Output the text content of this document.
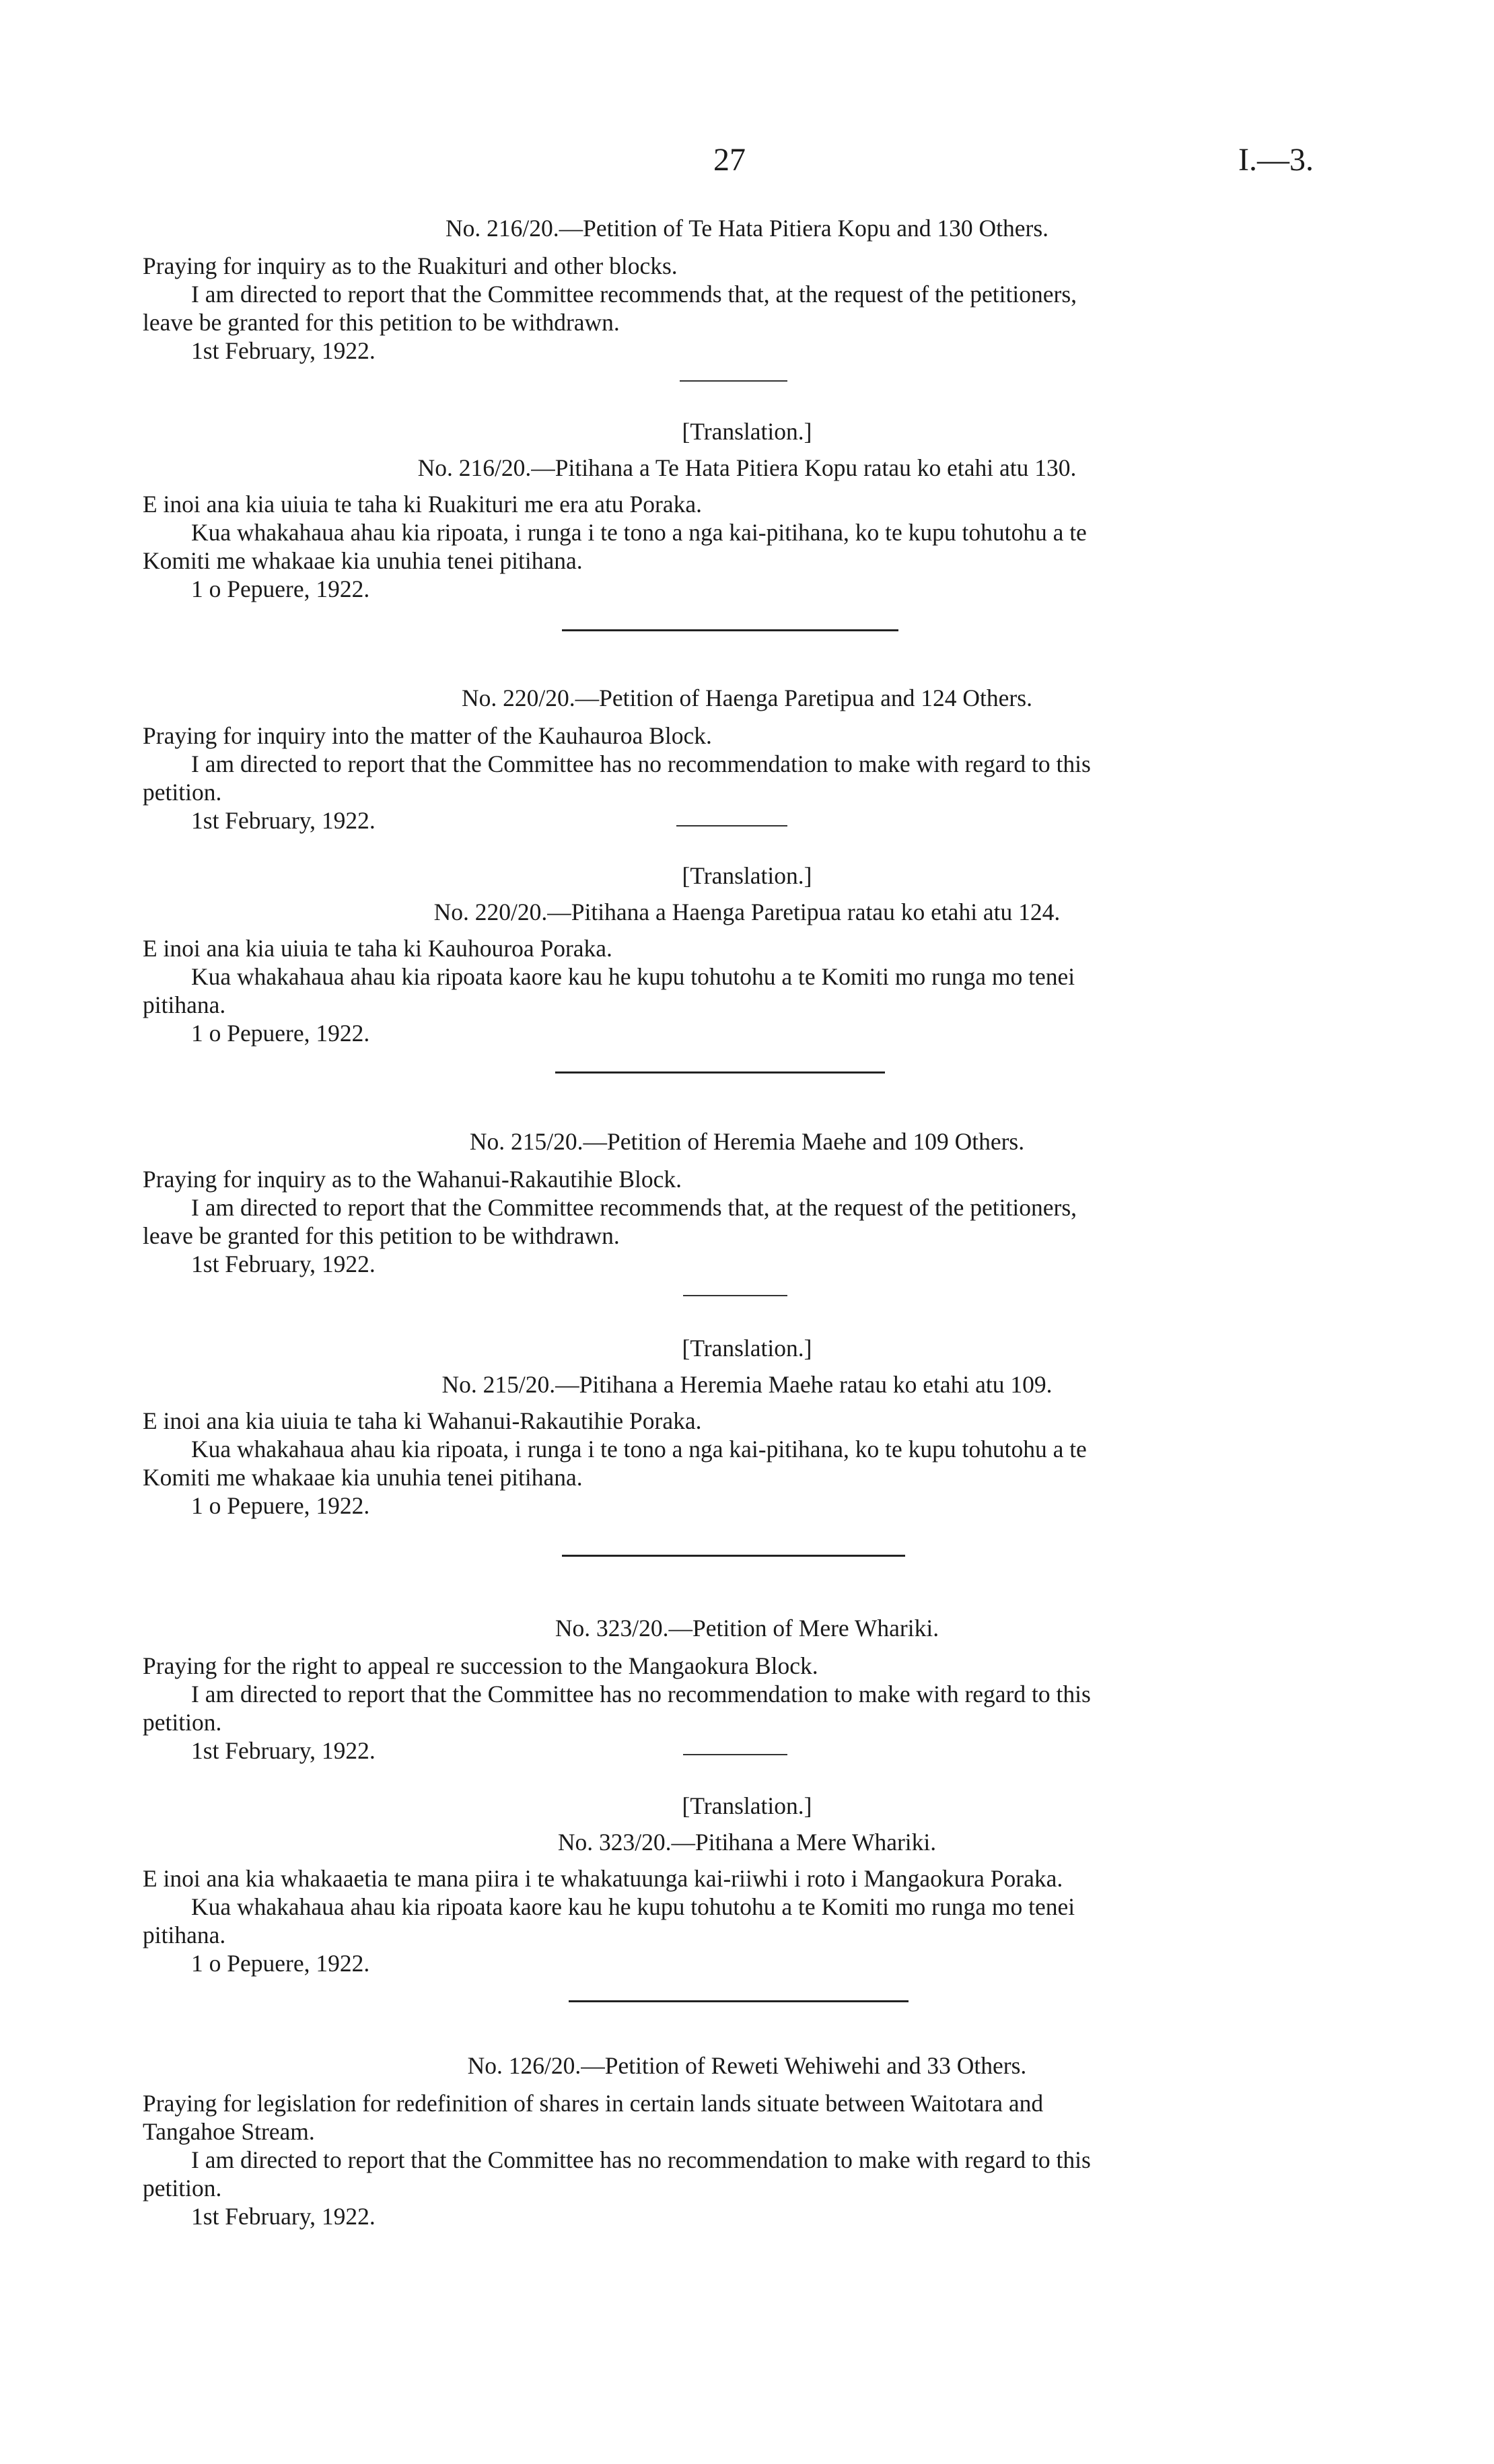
27	I.—3.
No. 216/20.—Petition of Te Hata Pitiera Kopu and 130 Others.

Praying for inquiry as to the Ruakituri and other blocks.

I am directed to report that the Committee recommends that, at the request of the petitioners,

leave be granted for this petition to be withdrawn.

1st February, 1922.

[Translation.]
No. 216/20.—Pitihana a Te Hata Pitiera Kopu ratau ko etahi atu 130.

E inoi ana kia uiuia te taha ki Ruakituri me era atu Poraka.

Kua whakahaua ahau kia ripoata, i runga i te tono a nga kai-pitihana, ko te kupu tohutohu a te

Komiti me whakaae kia unuhia tenei pitihana.

1 o Pepuere, 1922.

No. 220/20.—Petition of Haenga Paretipua and 124 Others.

Praying for inquiry into the matter of the Kauhauroa Block.

I am directed to report that the Committee has no recommendation to make with regard to this

petition.

1st February, 1922.

[Translation.]
No. 220/20.—Pitihana a Haenga Paretipua ratau ko etahi atu 124.

E inoi ana kia uiuia te taha ki Kauhouroa Poraka.

Kua whakahaua ahau kia ripoata kaore kau he kupu tohutohu a te Komiti mo runga mo tenei

pitihana.

1 o Pepuere, 1922.

No. 215/20.—Petition of Heremia Maehe and 109 Others.

Praying for inquiry as to the Wahanui-Rakautihie Block.

I am directed to report that the Committee recommends that, at the request of the petitioners,

leave be granted for this petition to be withdrawn.

1st February, 1922.

[Translation.]
No. 215/20.—Pitihana a Heremia Maehe ratau ko etahi atu 109.

E inoi ana kia uiuia te taha ki Wahanui-Rakautihie Poraka.

Kua whakahaua ahau kia ripoata, i runga i te tono a nga kai-pitihana, ko te kupu tohutohu a te

Komiti me whakaae kia unuhia tenei pitihana.

1 o Pepuere, 1922.

No. 323/20.—Petition of Mere Whariki.

Praying for the right to appeal re succession to the Mangaokura Block.

I am directed to report that the Committee has no recommendation to make with regard to this

petition.

1st February, 1922.

[Translation.]
No. 323/20.—Pitihana a Mere Whariki.

E inoi ana kia whakaaetia te mana piira i te whakatuunga kai-riiwhi i roto i Mangaokura Poraka.

Kua whakahaua ahau kia ripoata kaore kau he kupu tohutohu a te Komiti mo runga mo tenei

pitihana.

1 o Pepuere, 1922.

No. 126/20.—Petition of Reweti Wehiwehi and 33 Others.

Praying for legislation for redefinition of shares in certain lands situate between Waitotara and

Tangahoe Stream.

I am directed to report that the Committee has no recommendation to make with regard to this

petition.

1st February, 1922.
